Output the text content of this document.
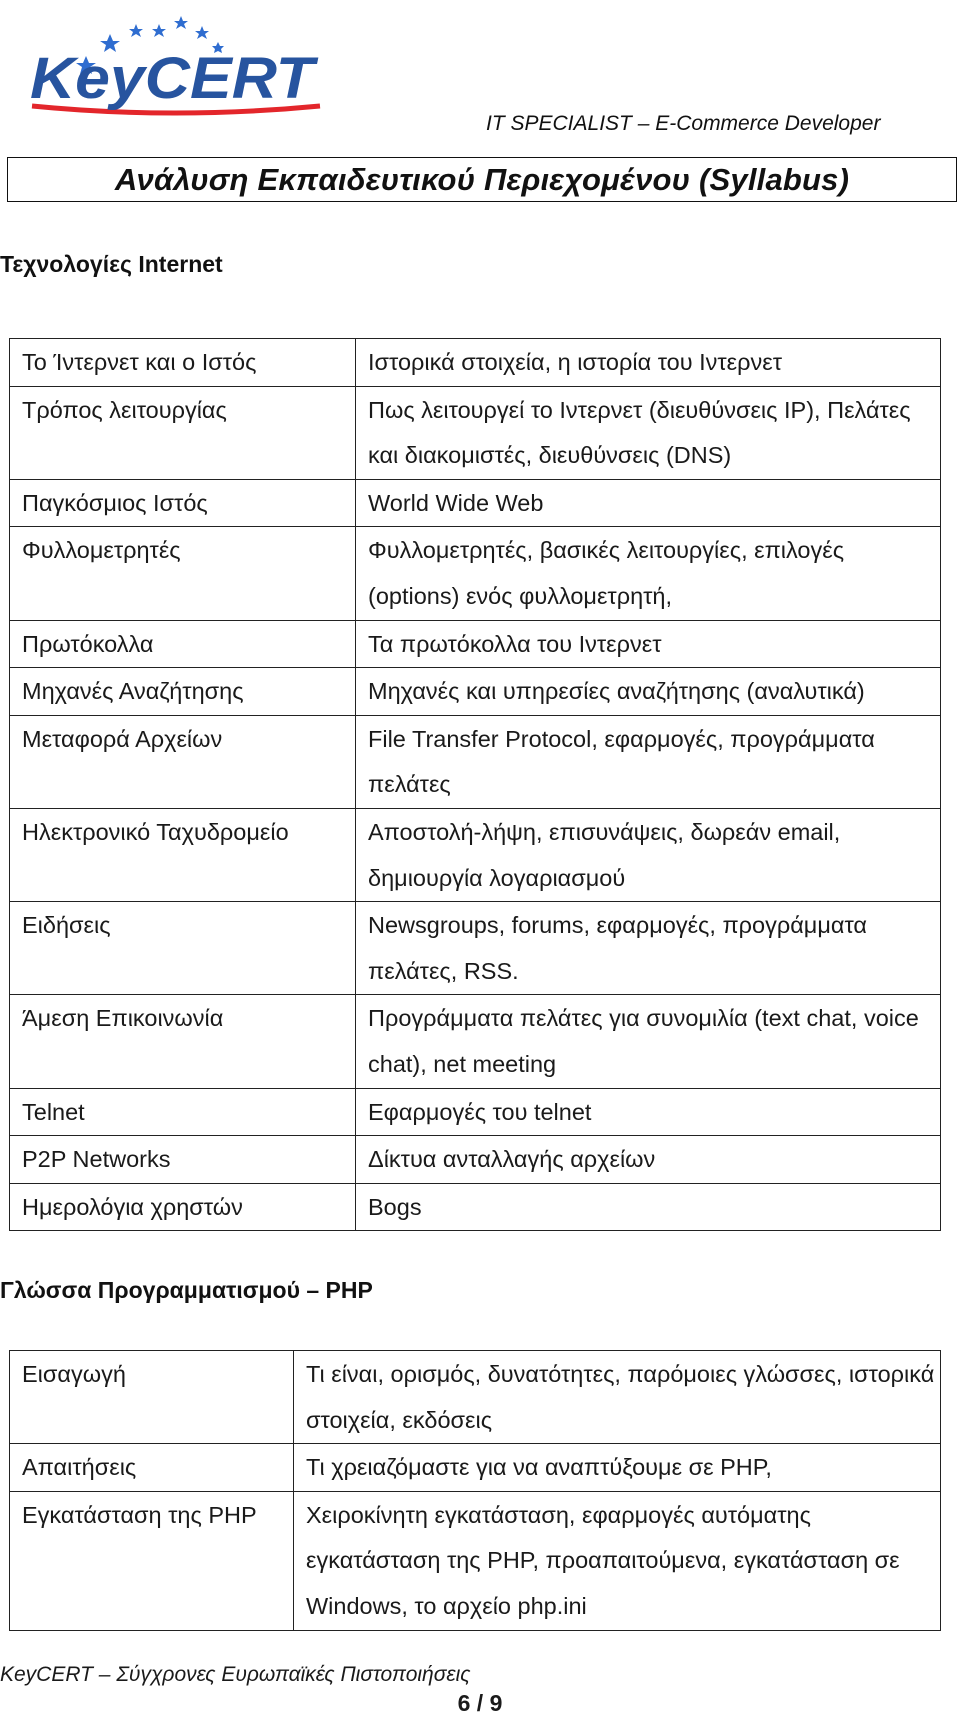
KeyCERT
IT SPECIALIST – E-Commerce Developer
Ανάλυση Εκπαιδευτικού Περιεχομένου (Syllabus)
Τεχνολογίες Internet
Το Ίντερνετ και ο Ιστός	Ιστορικά στοιχεία, η ιστορία του Ιντερνετ
Τρόπος λειτουργίας	Πως λειτουργεί το Ιντερνετ (διευθύνσεις IP), Πελάτες και διακομιστές, διευθύνσεις (DNS)
Παγκόσμιος Ιστός	World Wide Web
Φυλλομετρητές	Φυλλομετρητές, βασικές λειτουργίες, επιλογές (options) ενός φυλλομετρητή,
Πρωτόκολλα	Τα πρωτόκολλα του Ιντερνετ
Μηχανές Αναζήτησης	Μηχανές και υπηρεσίες αναζήτησης (αναλυτικά)
Μεταφορά Αρχείων	File Transfer Protocol, εφαρμογές, προγράμματα πελάτες
Ηλεκτρονικό Ταχυδρομείο	Αποστολή-λήψη, επισυνάψεις, δωρεάν email, δημιουργία λογαριασμού
Ειδήσεις	Newsgroups, forums, εφαρμογές, προγράμματα πελάτες, RSS.
Άμεση Επικοινωνία	Προγράμματα πελάτες για συνομιλία (text chat, voice chat), net meeting
Telnet	Εφαρμογές του telnet
P2P Networks	Δίκτυα ανταλλαγής αρχείων
Ημερολόγια χρηστών	Bogs
Γλώσσα Προγραμματισμού – PHP
Εισαγωγή	Τι είναι, ορισμός, δυνατότητες, παρόμοιες γλώσσες, ιστορικά στοιχεία, εκδόσεις
Απαιτήσεις	Τι χρειαζόμαστε για να αναπτύξουμε σε PHP,
Εγκατάσταση της PHP	Χειροκίνητη εγκατάσταση, εφαρμογές αυτόματης εγκατάσταση της PHP, προαπαιτούμενα, εγκατάσταση σε Windows, το αρχείο php.ini
KeyCERT – Σύγχρονες Ευρωπαϊκές Πιστοποιήσεις
6 / 9
